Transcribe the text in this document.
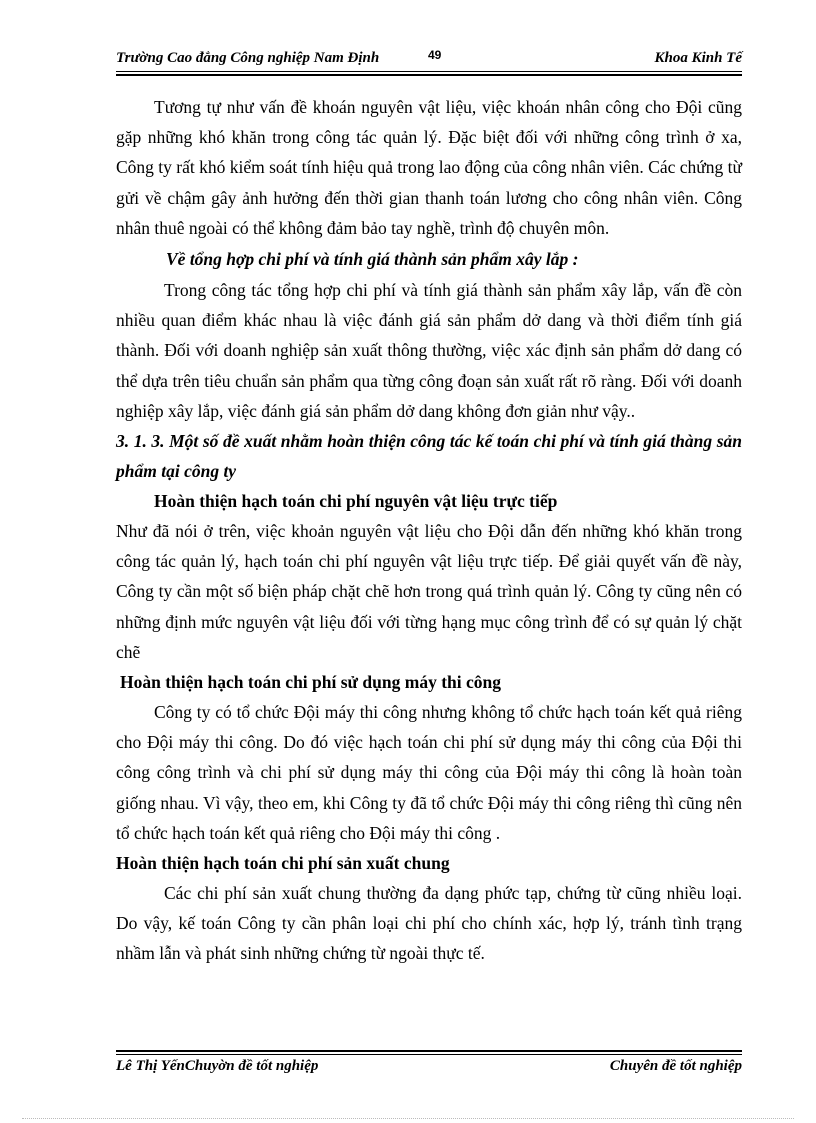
Trường Cao đẳng Công nghiệp Nam Định	49	Khoa Kinh Tế

Tương tự như vấn đề khoán nguyên vật liệu, việc khoán nhân công cho Đội cũng gặp những khó khăn trong công tác quản lý. Đặc biệt đối với những công trình ở xa, Công ty rất khó kiểm soát tính hiệu quả trong lao động của công nhân viên. Các chứng từ gửi về chậm gây ảnh hưởng đến thời gian thanh toán lương cho công nhân viên. Công nhân thuê ngoài có thể không đảm bảo tay nghề, trình độ chuyên môn.

Về tổng hợp chi phí và tính giá thành sản phẩm xây lắp :

Trong công tác tổng hợp chi phí và tính giá thành sản phẩm xây lắp, vấn đề còn nhiều quan điểm khác nhau là việc đánh giá sản phẩm dở dang và thời điểm tính giá thành. Đối với doanh nghiệp sản xuất thông thường, việc xác định sản phẩm dở dang có thể dựa trên tiêu chuẩn sản phẩm qua từng công đoạn sản xuất rất rõ ràng. Đối với doanh nghiệp xây lắp, việc đánh giá sản phẩm dở dang không đơn giản như vậy..

3. 1. 3. Một số đề xuất nhằm hoàn thiện công tác kế toán chi phí và tính giá thàng sản phẩm tại công ty
Hoàn thiện hạch toán chi phí nguyên vật liệu trực tiếp

Như đã nói ở trên, việc khoản nguyên vật liệu cho Đội dẫn đến những khó khăn trong công tác quản lý, hạch toán chi phí nguyên vật liệu trực tiếp. Để giải quyết vấn đề này, Công ty cần một số biện pháp chặt chẽ hơn trong quá trình quản lý. Công ty cũng nên có những định mức nguyên vật liệu đối với từng hạng mục công trình để có sự quản lý chặt chẽ

Hoàn thiện hạch toán chi phí sử dụng máy thi công

Công ty có tổ chức Đội máy thi công nhưng không tổ chức hạch toán kết quả riêng cho Đội máy thi công. Do đó việc hạch toán chi phí sử dụng máy thi công của Đội thi công công trình và chi phí sử dụng máy thi công của Đội máy thi công là hoàn toàn giống nhau. Vì vậy, theo em, khi Công ty đã tổ chức Đội máy thi công riêng thì cũng nên tổ chức hạch toán kết quả riêng cho Đội máy thi công .

Hoàn thiện hạch toán chi phí sản xuất chung

Các chi phí sản xuất chung thường đa dạng phức tạp, chứng từ cũng nhiều loại. Do vậy, kế toán Công ty cần phân loại chi phí cho chính xác, hợp lý, tránh tình trạng nhầm lẫn và phát sinh những chứng từ ngoài thực tế.

Lê Thị YếnChuyờn đề tốt nghiệp	Chuyên đề tốt nghiệp
